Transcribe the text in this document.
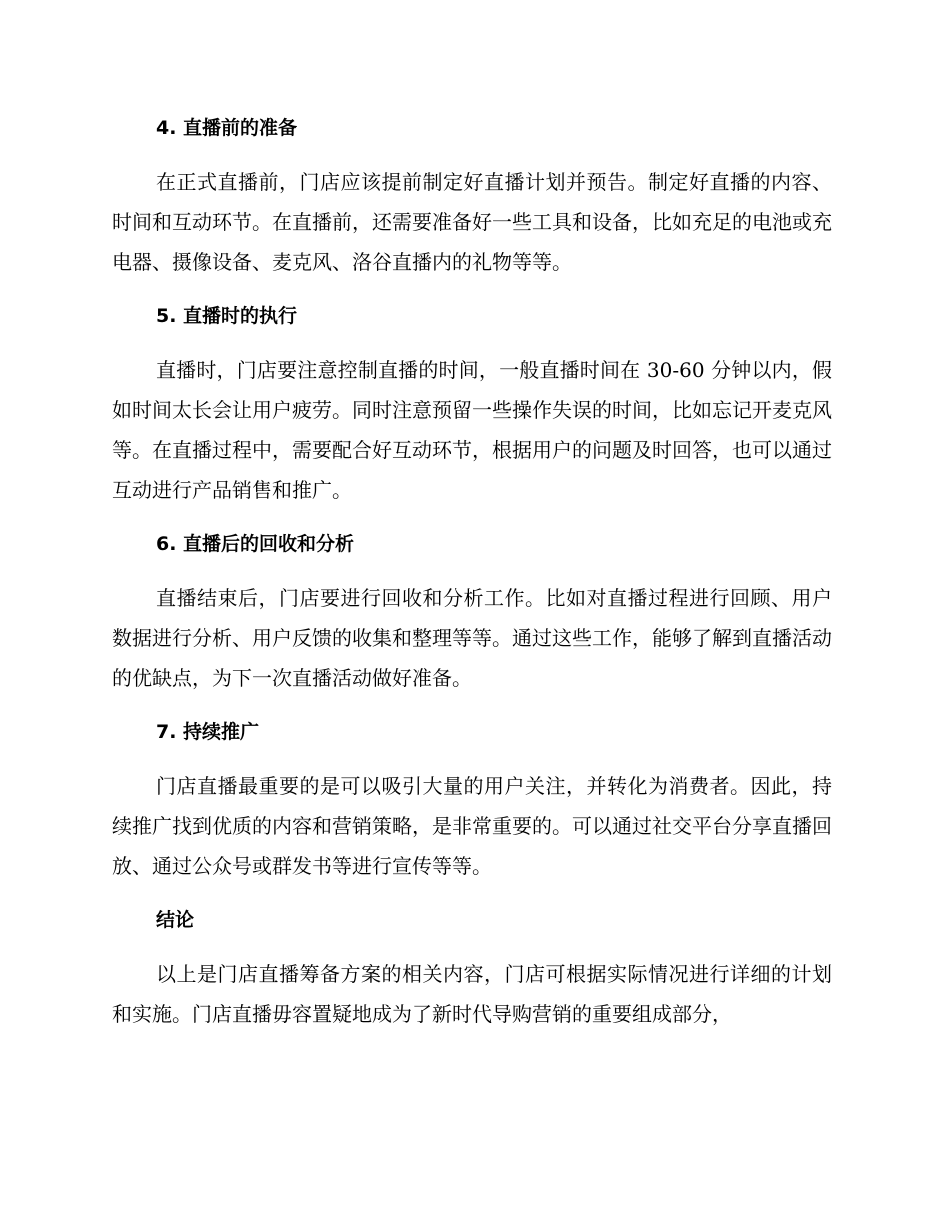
4. 直播前的准备

在正式直播前，门店应该提前制定好直播计划并预告。制定好直播的内容、时间和互动环节。在直播前，还需要准备好一些工具和设备，比如充足的电池或充电器、摄像设备、麦克风、洛谷直播内的礼物等等。

5. 直播时的执行

直播时，门店要注意控制直播的时间，一般直播时间在 30-60 分钟以内，假如时间太长会让用户疲劳。同时注意预留一些操作失误的时间，比如忘记开麦克风等。在直播过程中，需要配合好互动环节，根据用户的问题及时回答，也可以通过互动进行产品销售和推广。

6. 直播后的回收和分析

直播结束后，门店要进行回收和分析工作。比如对直播过程进行回顾、用户数据进行分析、用户反馈的收集和整理等等。通过这些工作，能够了解到直播活动的优缺点，为下一次直播活动做好准备。

7. 持续推广

门店直播最重要的是可以吸引大量的用户关注，并转化为消费者。因此，持续推广找到优质的内容和营销策略，是非常重要的。可以通过社交平台分享直播回放、通过公众号或群发书等进行宣传等等。

结论

以上是门店直播筹备方案的相关内容，门店可根据实际情况进行详细的计划和实施。门店直播毋容置疑地成为了新时代导购营销的重要组成部分，
